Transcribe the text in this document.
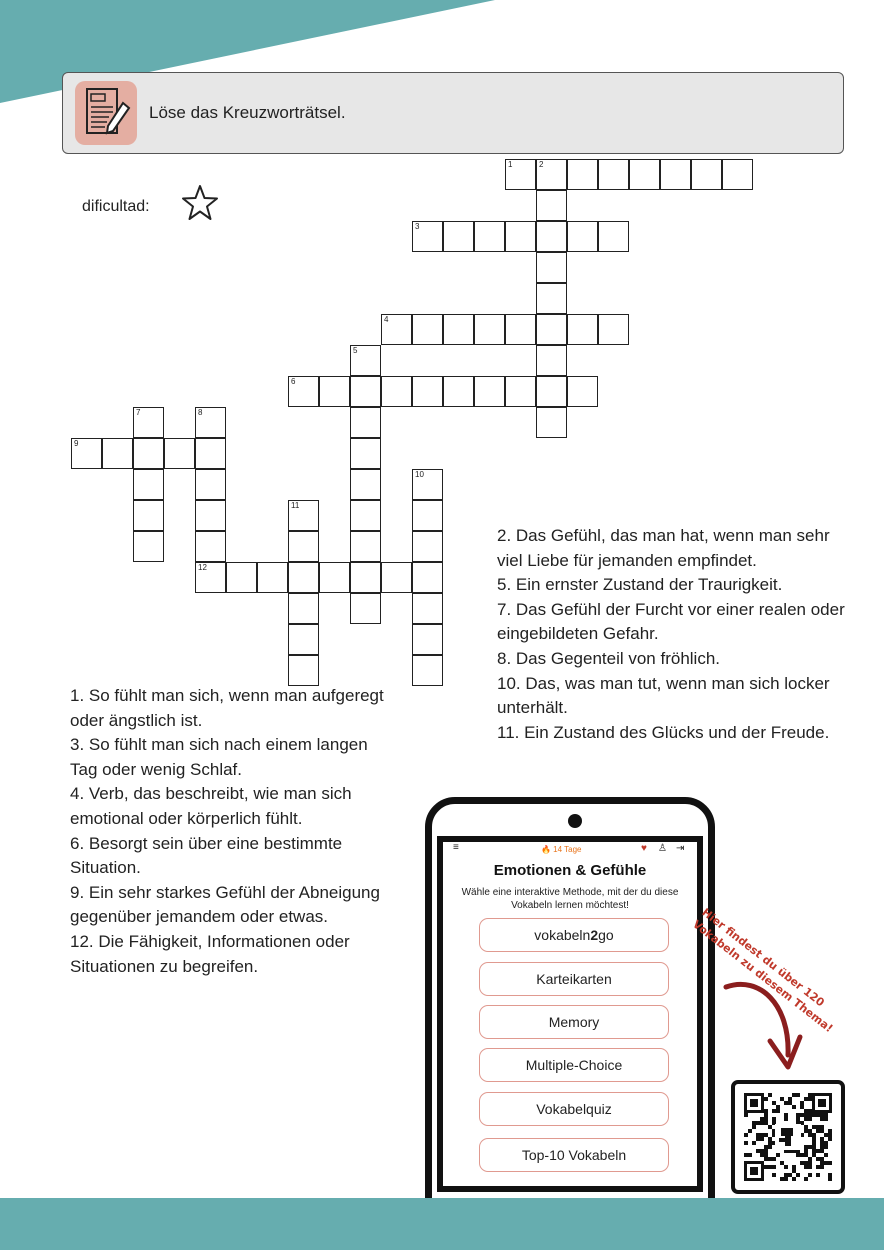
Löse das Kreuzworträtsel.
dificultad:
1	2
3
4
5
6
7	8
9
10
11
12
1. So fühlt man sich, wenn man aufgeregt oder ängstlich ist.
3. So fühlt man sich nach einem langen Tag oder wenig Schlaf.
4. Verb, das beschreibt, wie man sich emotional oder körperlich fühlt.
6. Besorgt sein über eine bestimmte Situation.
9. Ein sehr starkes Gefühl der Abneigung gegenüber jemandem oder etwas.
12. Die Fähigkeit, Informationen oder Situationen zu begreifen.
2. Das Gefühl, das man hat, wenn man sehr viel Liebe für jemanden empfindet.
5. Ein ernster Zustand der Traurigkeit.
7. Das Gefühl der Furcht vor einer realen oder eingebildeten Gefahr.
8. Das Gegenteil von fröhlich.
10. Das, was man tut, wenn man sich locker unterhält.
11. Ein Zustand des Glücks und der Freude.
≡	🔥 14 Tage	♥ ♙ ⇥
Emotionen & Gefühle
Wähle eine interaktive Methode, mit der du diese Vokabeln lernen möchtest!
vokabeln2go
Karteikarten
Memory
Multiple-Choice
Vokabelquiz
Top-10 Vokabeln
Hier findest du über 120 Vokabeln zu diesem Thema!
